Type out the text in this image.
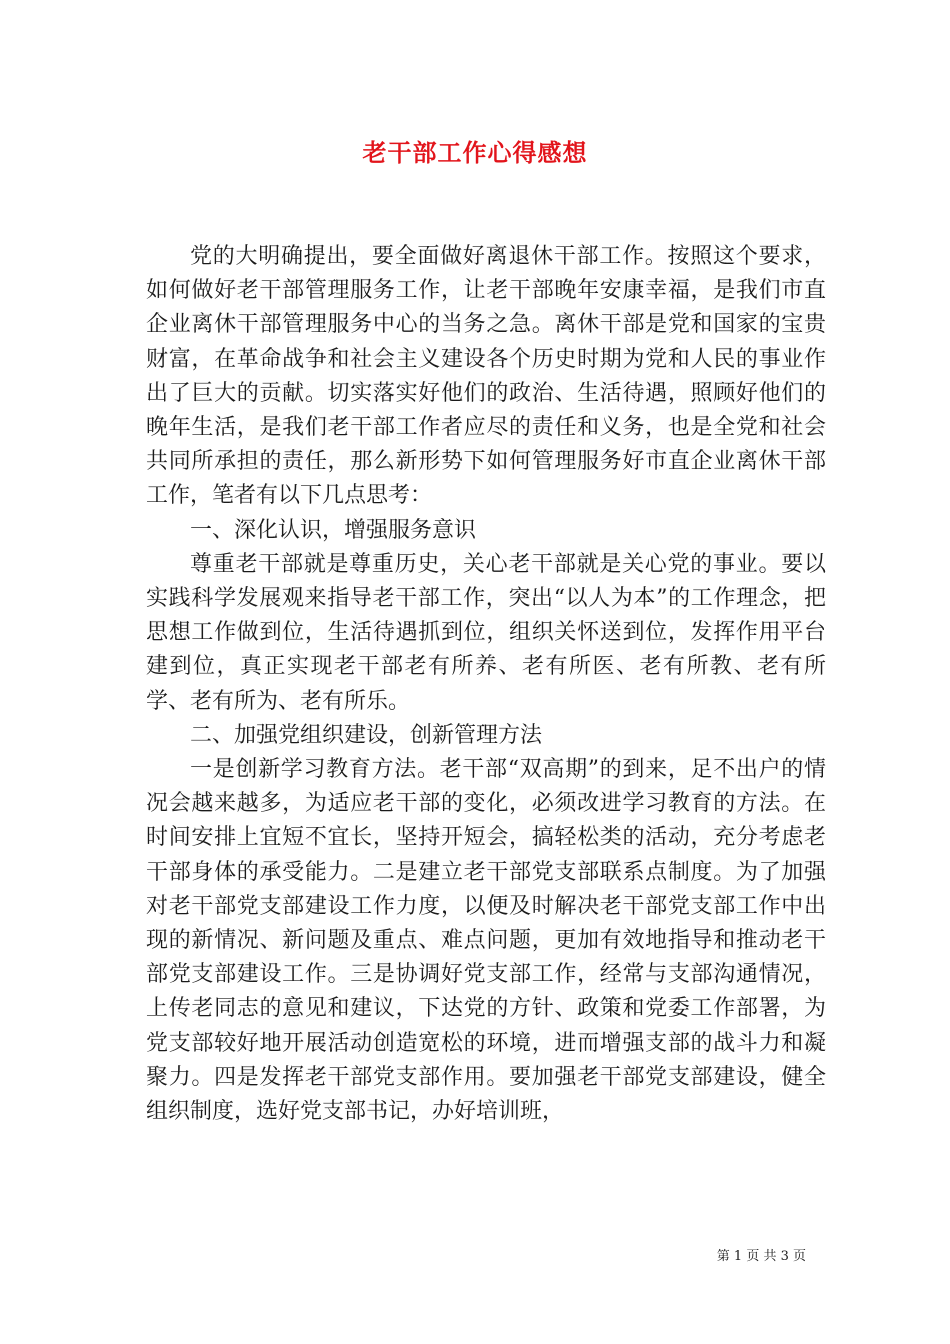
老干部工作心得感想

党的大明确提出，要全面做好离退休干部工作。按照这个要求，如何做好老干部管理服务工作，让老干部晚年安康幸福，是我们市直企业离休干部管理服务中心的当务之急。离休干部是党和国家的宝贵财富，在革命战争和社会主义建设各个历史时期为党和人民的事业作出了巨大的贡献。切实落实好他们的政治、生活待遇，照顾好他们的晚年生活，是我们老干部工作者应尽的责任和义务，也是全党和社会共同所承担的责任，那么新形势下如何管理服务好市直企业离休干部工作，笔者有以下几点思考：

一、深化认识，增强服务意识

尊重老干部就是尊重历史，关心老干部就是关心党的事业。要以实践科学发展观来指导老干部工作，突出“以人为本”的工作理念，把思想工作做到位，生活待遇抓到位，组织关怀送到位，发挥作用平台建到位，真正实现老干部老有所养、老有所医、老有所教、老有所学、老有所为、老有所乐。

二、加强党组织建设，创新管理方法

一是创新学习教育方法。老干部“双高期”的到来，足不出户的情况会越来越多，为适应老干部的变化，必须改进学习教育的方法。在时间安排上宜短不宜长，坚持开短会，搞轻松类的活动，充分考虑老干部身体的承受能力。二是建立老干部党支部联系点制度。为了加强对老干部党支部建设工作力度，以便及时解决老干部党支部工作中出现的新情况、新问题及重点、难点问题，更加有效地指导和推动老干部党支部建设工作。三是协调好党支部工作，经常与支部沟通情况，上传老同志的意见和建议，下达党的方针、政策和党委工作部署，为党支部较好地开展活动创造宽松的环境，进而增强支部的战斗力和凝聚力。四是发挥老干部党支部作用。要加强老干部党支部建设，健全组织制度，选好党支部书记，办好培训班，

第 1 页 共 3 页
